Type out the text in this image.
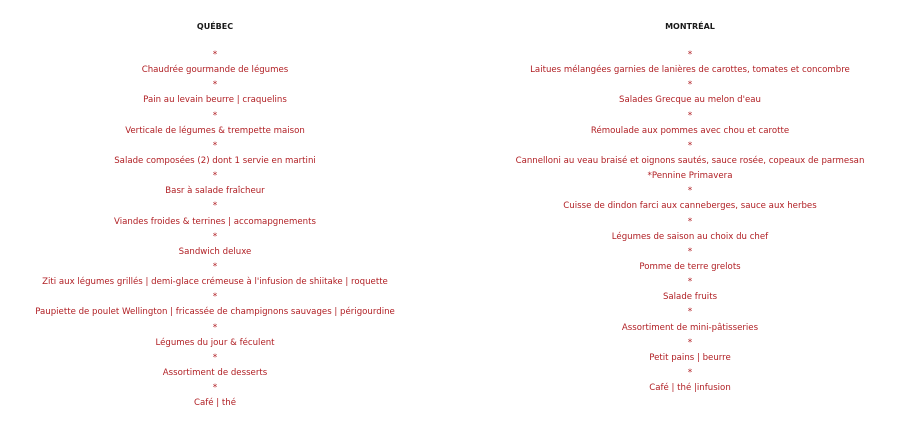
QUÉBEC
*
Chaudrée gourmande de légumes
*
Pain au levain beurre | craquelins
*
Verticale de légumes & trempette maison
*
Salade composées (2) dont 1 servie en martini
*
Basr à salade fraîcheur
*
Viandes froides & terrines | accomapgnements
*
Sandwich deluxe
*
Ziti aux légumes grillés | demi-glace crémeuse à l'infusion de shiitake | roquette
*
Paupiette de poulet Wellington | fricassée de champignons sauvages | périgourdine
*
Légumes du jour & féculent
*
Assortiment de desserts
*
Café | thé
MONTRÉAL
*
Laitues mélangées garnies de lanières de carottes, tomates et concombre
*
Salades Grecque au melon d'eau
*
Rémoulade aux pommes avec chou et carotte
*
Cannelloni au veau braisé et oignons sautés, sauce rosée, copeaux de parmesan
*Pennine Primavera
*
Cuisse de dindon farci aux canneberges, sauce aux herbes
*
Légumes de saison au choix du chef
*
Pomme de terre grelots
*
Salade fruits
*
Assortiment de mini-pâtisseries
*
Petit pains | beurre
*
Café | thé |infusion
